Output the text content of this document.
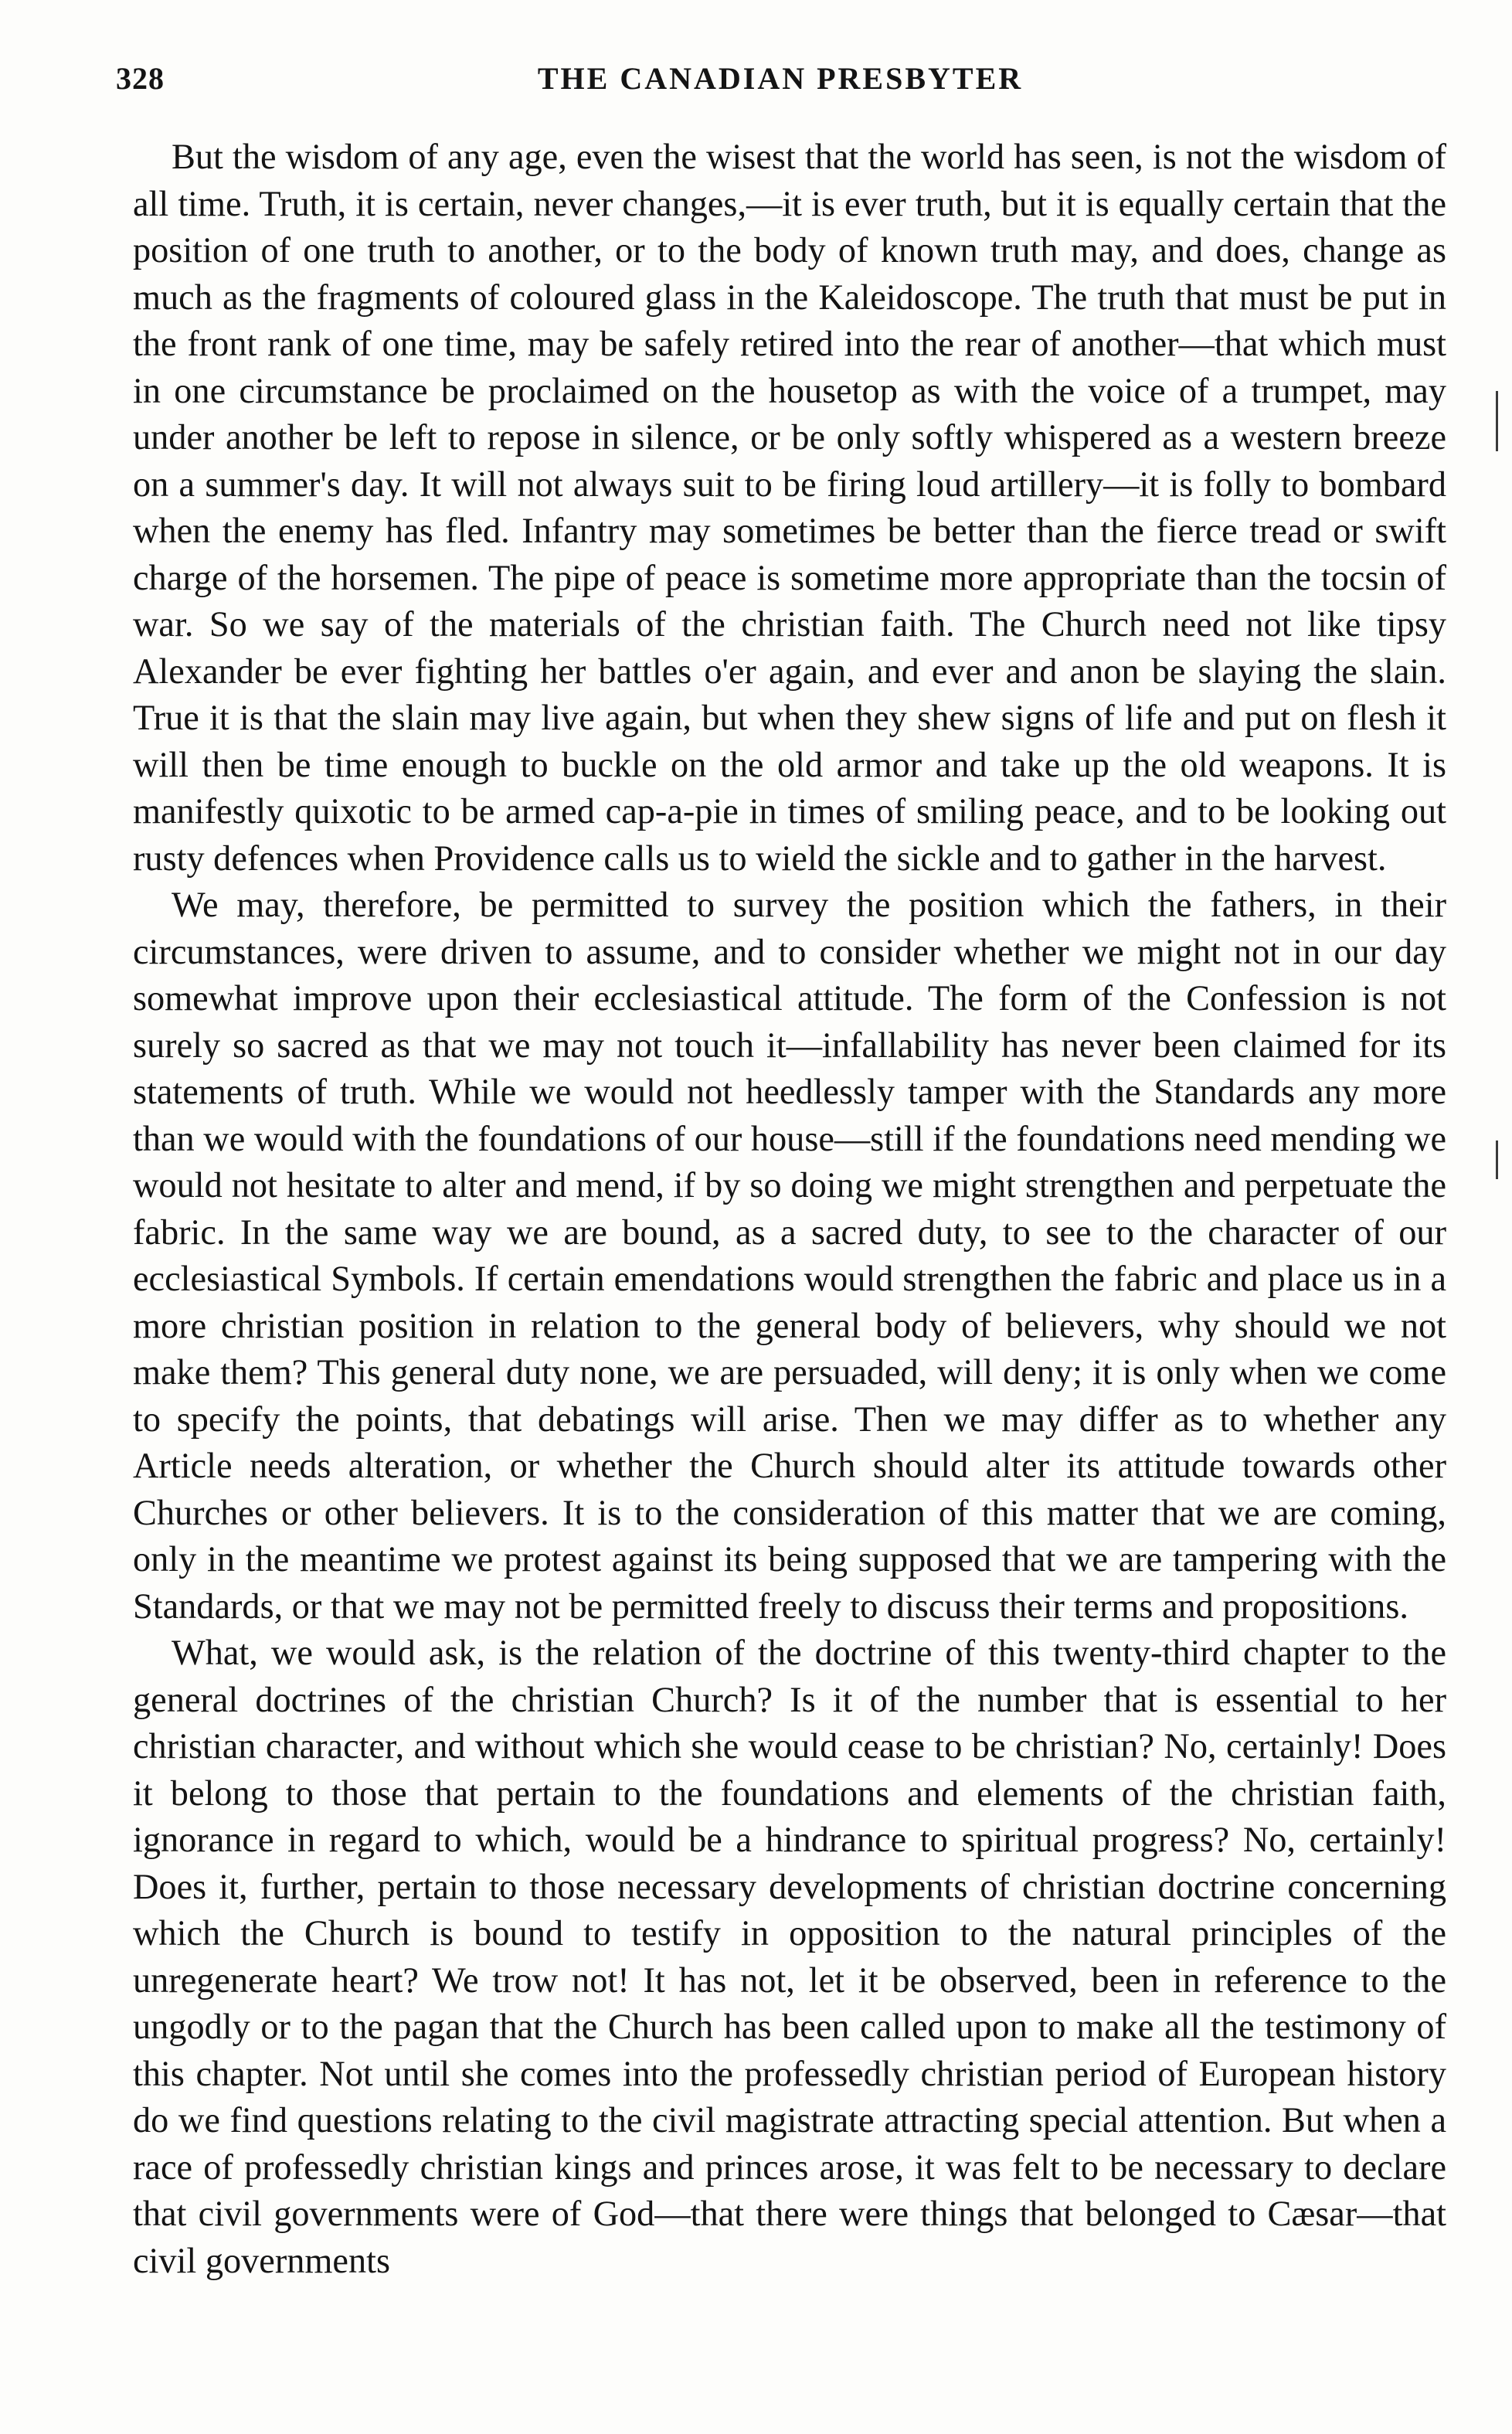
328	THE CANADIAN PRESBYTER

But the wisdom of any age, even the wisest that the world has seen, is not the wisdom of all time. Truth, it is certain, never changes,—it is ever truth, but it is equally certain that the position of one truth to another, or to the body of known truth may, and does, change as much as the fragments of coloured glass in the Kaleidoscope. The truth that must be put in the front rank of one time, may be safely retired into the rear of another—that which must in one circumstance be proclaimed on the housetop as with the voice of a trumpet, may under another be left to repose in silence, or be only softly whispered as a western breeze on a summer's day. It will not always suit to be firing loud artillery—it is folly to bombard when the enemy has fled. Infantry may sometimes be better than the fierce tread or swift charge of the horsemen. The pipe of peace is sometime more appropriate than the tocsin of war. So we say of the materials of the christian faith. The Church need not like tipsy Alexander be ever fighting her battles o'er again, and ever and anon be slaying the slain. True it is that the slain may live again, but when they shew signs of life and put on flesh it will then be time enough to buckle on the old armor and take up the old weapons. It is manifestly quixotic to be armed cap-a-pie in times of smiling peace, and to be looking out rusty defences when Providence calls us to wield the sickle and to gather in the harvest.

We may, therefore, be permitted to survey the position which the fathers, in their circumstances, were driven to assume, and to consider whether we might not in our day somewhat improve upon their ecclesiastical attitude. The form of the Confession is not surely so sacred as that we may not touch it—infallability has never been claimed for its statements of truth. While we would not heedlessly tamper with the Standards any more than we would with the foundations of our house—still if the foundations need mending we would not hesitate to alter and mend, if by so doing we might strengthen and perpetuate the fabric. In the same way we are bound, as a sacred duty, to see to the character of our ecclesiastical Symbols. If certain emendations would strengthen the fabric and place us in a more christian position in relation to the general body of believers, why should we not make them? This general duty none, we are persuaded, will deny; it is only when we come to specify the points, that debatings will arise. Then we may differ as to whether any Article needs alteration, or whether the Church should alter its attitude towards other Churches or other believers. It is to the consideration of this matter that we are coming, only in the meantime we protest against its being supposed that we are tampering with the Standards, or that we may not be permitted freely to discuss their terms and propositions.

What, we would ask, is the relation of the doctrine of this twenty-third chapter to the general doctrines of the christian Church? Is it of the number that is essential to her christian character, and without which she would cease to be christian? No, certainly! Does it belong to those that pertain to the foundations and elements of the christian faith, ignorance in regard to which, would be a hindrance to spiritual progress? No, certainly! Does it, further, pertain to those necessary developments of christian doctrine concerning which the Church is bound to testify in opposition to the natural principles of the unregenerate heart? We trow not! It has not, let it be observed, been in reference to the ungodly or to the pagan that the Church has been called upon to make all the testimony of this chapter. Not until she comes into the professedly christian period of European history do we find questions relating to the civil magistrate attracting special attention. But when a race of professedly christian kings and princes arose, it was felt to be necessary to declare that civil governments were of God—that there were things that belonged to Cæsar—that civil governments
